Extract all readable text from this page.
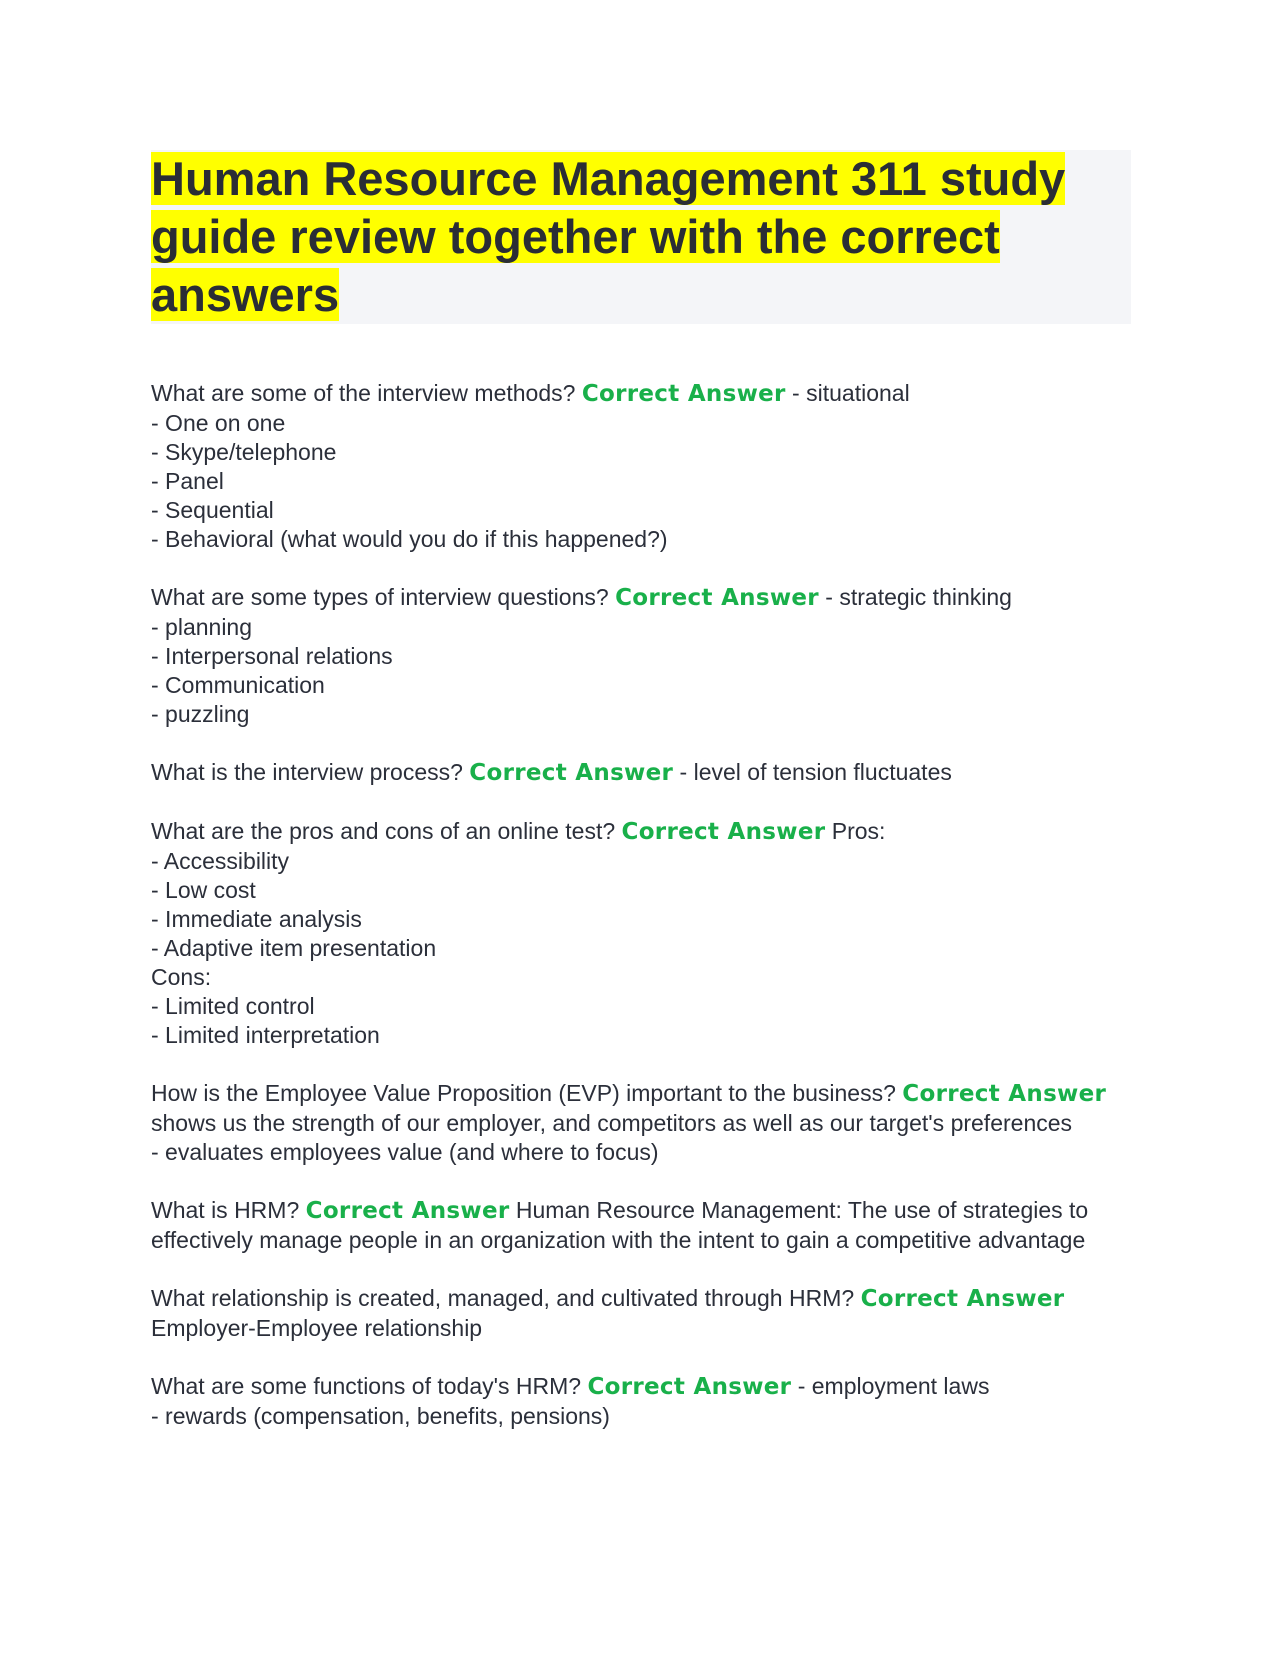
Human Resource Management 311 study guide review together with the correct answers
What are some of the interview methods? Correct Answer - situational
- One on one
- Skype/telephone
- Panel
- Sequential
- Behavioral (what would you do if this happened?)
What are some types of interview questions? Correct Answer - strategic thinking
- planning
- Interpersonal relations
- Communication
- puzzling
What is the interview process? Correct Answer - level of tension fluctuates
What are the pros and cons of an online test? Correct Answer Pros:
- Accessibility
- Low cost
- Immediate analysis
- Adaptive item presentation
Cons:
- Limited control
- Limited interpretation
How is the Employee Value Proposition (EVP) important to the business? Correct Answer shows us the strength of our employer, and competitors as well as our target's preferences
- evaluates employees value (and where to focus)
What is HRM? Correct Answer Human Resource Management: The use of strategies to effectively manage people in an organization with the intent to gain a competitive advantage
What relationship is created, managed, and cultivated through HRM? Correct Answer Employer-Employee relationship
What are some functions of today's HRM? Correct Answer - employment laws
- rewards (compensation, benefits, pensions)
